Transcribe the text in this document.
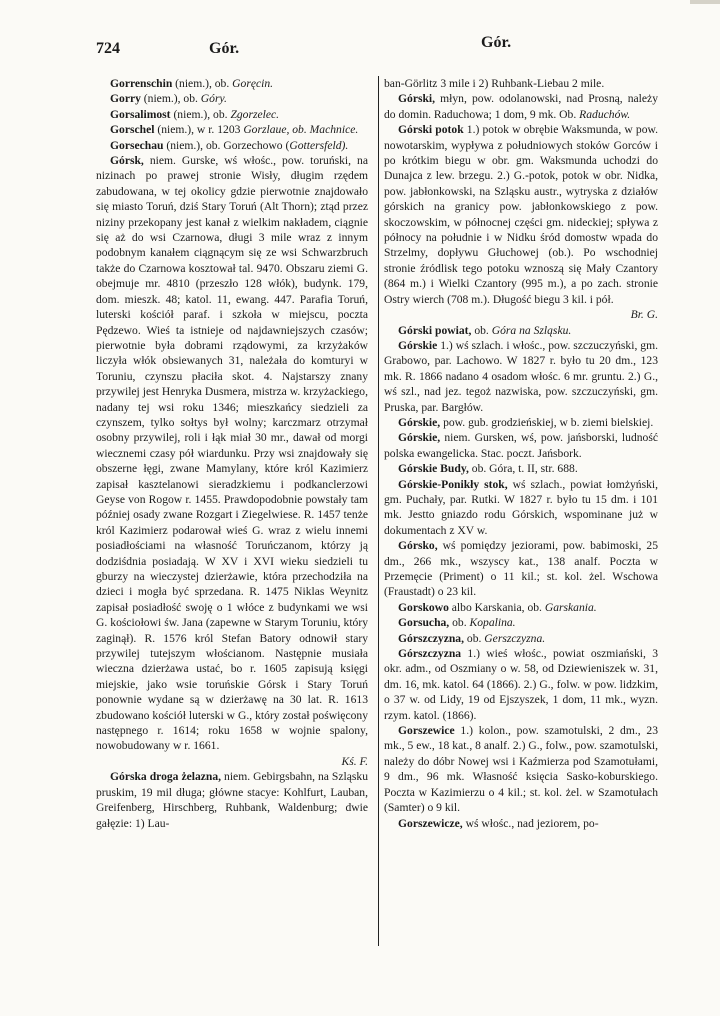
724	Gór.	Gór.

Gorrenschin (niem.), ob. Goręcin.

Gorry (niem.), ob. Góry.

Gorsalimost (niem.), ob. Zgorzelec.

Gorschel (niem.), w r. 1203 Gorzlaue, ob. Machnice.

Gorsechau (niem.), ob. Gorzechowo (Gottersfeld).

Górsk, niem. Gurske, wś włośc., pow. toruński, na nizinach po prawej stronie Wisły, długim rzędem zabudowana, w tej okolicy gdzie pierwotnie znajdowało się miasto Toruń, dziś Stary Toruń (Alt Thorn); ztąd przez niziny przekopany jest kanał z wielkim nakładem, ciągnie się aż do wsi Czarnowa, długi 3 mile wraz z innym podobnym kanałem ciągnącym się ze wsi Schwarzbruch także do Czarnowa kosztował tal. 9470. Obszaru ziemi G. obejmuje mr. 4810 (przeszło 128 włók), budynk. 179, dom. mieszk. 48; katol. 11, ewang. 447. Parafia Toruń, luterski kościół paraf. i szkoła w miejscu, poczta Pędzewo. Wieś ta istnieje od najdawniejszych czasów; pierwotnie była dobrami rządowymi, za krzyżaków liczyła włók obsiewanych 31, należała do komturyi w Toruniu, czynszu płaciła skot. 4. Najstarszy znany przywilej jest Henryka Dusmera, mistrza w. krzyżackiego, nadany tej wsi roku 1346; mieszkańcy siedzieli za czynszem, tylko sołtys był wolny; karczmarz otrzymał osobny przywilej, roli i łąk miał 30 mr., dawał od morgi wiecznemi czasy pół wiardunku. Przy wsi znajdowały się obszerne łęgi, zwane Mamylany, które król Kazimierz zapisał kasztelanowi sieradzkiemu i podkanclerzowi Geyse von Rogow r. 1455. Prawdopodobnie powstały tam później osady zwane Rozgart i Ziegelwiese. R. 1457 tenże król Kazimierz podarował wieś G. wraz z wielu innemi posiadłościami na własność Toruńczanom, którzy ją dodziśdnia posiadają. W XV i XVI wieku siedzieli tu gburzy na wieczystej dzierżawie, która przechodziła na dzieci i mogła być sprzedana. R. 1475 Niklas Weynitz zapisał posiadłość swoję o 1 włóce z budynkami we wsi G. kościołowi św. Jana (zapewne w Starym Toruniu, który zaginął). R. 1576 król Stefan Batory odnowił stary przywilej tutejszym włościanom. Następnie musiała wieczna dzierżawa ustać, bo r. 1605 zapisują księgi miejskie, jako wsie toruńskie Górsk i Stary Toruń ponownie wydane są w dzierżawę na 30 lat. R. 1613 zbudowano kościół luterski w G., który został poświęcony następnego r. 1614; roku 1658 w wojnie spalony, nowobudowany w r. 1661.
Kś. F.

Górska droga żelazna, niem. Gebirgsbahn, na Szląsku pruskim, 19 mil długa; główne stacye: Kohlfurt, Lauban, Greifenberg, Hirschberg, Ruhbank, Waldenburg; dwie gałęzie: 1) Lau-

ban-Görlitz 3 mile i 2) Ruhbank-Liebau 2 mile.

Górski, młyn, pow. odolanowski, nad Prosną, należy do domin. Raduchowa; 1 dom, 9 mk. Ob. Raduchów.

Górski potok 1.) potok w obrębie Waksmunda, w pow. nowotarskim, wypływa z południowych stoków Gorców i po krótkim biegu w obr. gm. Waksmunda uchodzi do Dunajca z lew. brzegu. 2.) G.-potok, potok w obr. Nidka, pow. jabłonkowski, na Szląsku austr., wytryska z działów górskich na granicy pow. jabłonkowskiego z pow. skoczowskim, w północnej części gm. nideckiej; spływa z północy na południe i w Nidku śród domostw wpada do Strzelmy, dopływu Głuchowej (ob.). Po wschodniej stronie źródlisk tego potoku wznoszą się Mały Czantory (864 m.) i Wielki Czantory (995 m.), a po zach. stronie Ostry wierch (708 m.). Długość biegu 3 kil. i pół.
Br. G.

Górski powiat, ob. Góra na Szląsku.

Górskie 1.) wś szlach. i włośc., pow. szczuczyński, gm. Grabowo, par. Lachowo. W 1827 r. było tu 20 dm., 123 mk. R. 1866 nadano 4 osadom włośc. 6 mr. gruntu. 2.) G., wś szl., nad jez. tegoż nazwiska, pow. szczuczyński, gm. Pruska, par. Bargłów.

Górskie, pow. gub. grodzieńskiej, w b. ziemi bielskiej.

Górskie, niem. Gursken, wś, pow. jańsborski, ludność polska ewangelicka. Stac. poczt. Jańsbork.

Górskie Budy, ob. Góra, t. II, str. 688.

Górskie-Ponikły stok, wś szlach., powiat łomżyński, gm. Puchały, par. Rutki. W 1827 r. było tu 15 dm. i 101 mk. Jestto gniazdo rodu Górskich, wspominane już w dokumentach z XV w.

Górsko, wś pomiędzy jeziorami, pow. babimoski, 25 dm., 266 mk., wszyscy kat., 138 analf. Poczta w Przemęcie (Priment) o 11 kil.; st. kol. żel. Wschowa (Fraustadt) o 23 kil.

Gorskowo albo Karskania, ob. Garskania.

Gorsucha, ob. Kopalina.

Górszczyzna, ob. Gerszczyzna.

Górszczyzna 1.) wieś włośc., powiat oszmiański, 3 okr. adm., od Oszmiany o w. 58, od Dziewieniszek w. 31, dm. 16, mk. katol. 64 (1866). 2.) G., folw. w pow. lidzkim, o 37 w. od Lidy, 19 od Ejszyszek, 1 dom, 11 mk., wyzn. rzym. katol. (1866).

Gorszewice 1.) kolon., pow. szamotulski, 2 dm., 23 mk., 5 ew., 18 kat., 8 analf. 2.) G., folw., pow. szamotulski, należy do dóbr Nowej wsi i Kaźmierza pod Szamotułami, 9 dm., 96 mk. Własność księcia Sasko-koburskiego. Poczta w Kazimierzu o 4 kil.; st. kol. żel. w Szamotułach (Samter) o 9 kil.

Gorszewicze, wś włośc., nad jeziorem, po-
